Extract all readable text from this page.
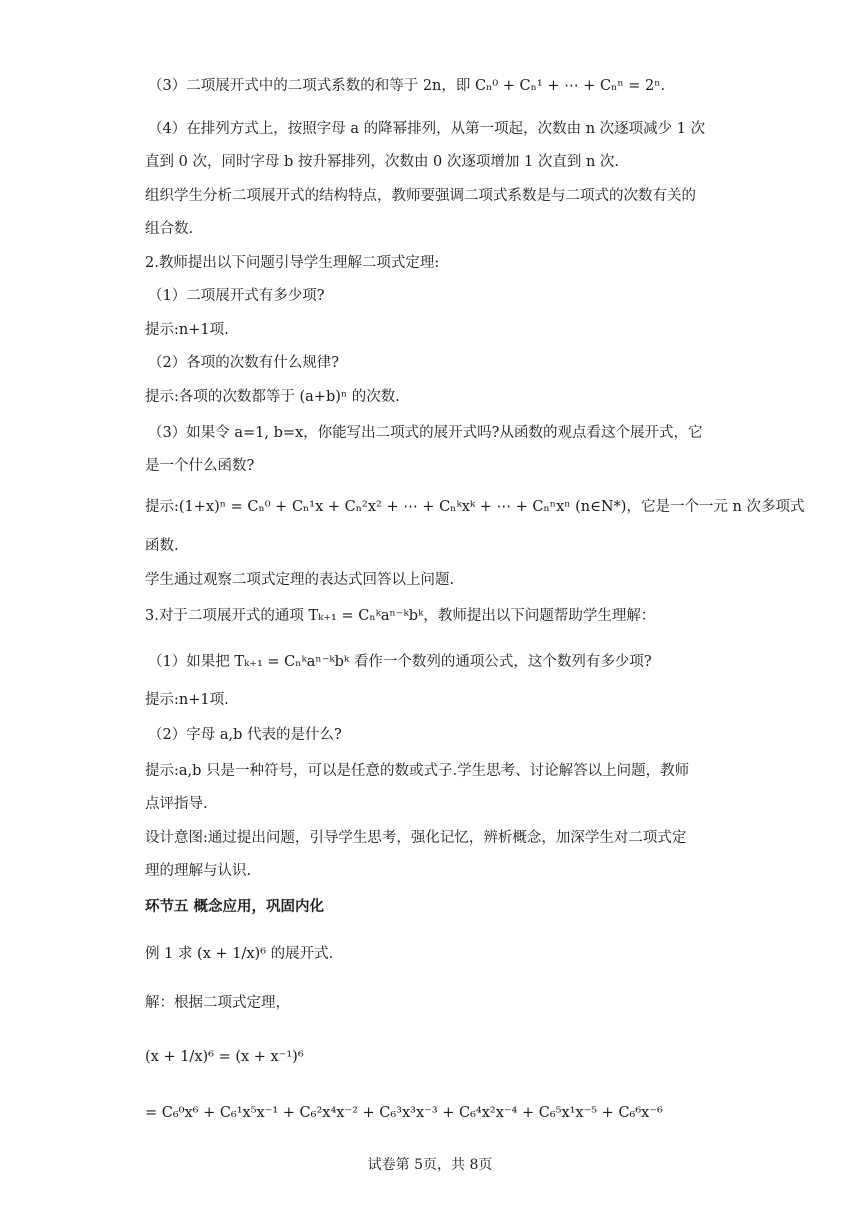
（3）二项展开式中的二项式系数的和等于 2n，即 Cₙ⁰ + Cₙ¹ + ⋯ + Cₙⁿ = 2ⁿ.
（4）在排列方式上，按照字母 a 的降幂排列，从第一项起，次数由 n 次逐项减少 1 次
直到 0 次，同时字母 b 按升幂排列，次数由 0 次逐项增加 1 次直到 n 次.
组织学生分析二项展开式的结构特点，教师要强调二项式系数是与二项式的次数有关的
组合数.
2.教师提出以下问题引导学生理解二项式定理:
（1）二项展开式有多少项?
提示:n+1项.
（2）各项的次数有什么规律?
提示:各项的次数都等于 (a+b)ⁿ 的次数.
（3）如果令 a=1, b=x，你能写出二项式的展开式吗?从函数的观点看这个展开式，它
是一个什么函数?
提示:(1+x)ⁿ = Cₙ⁰ + Cₙ¹x + Cₙ²x² + ⋯ + Cₙᵏxᵏ + ⋯ + Cₙⁿxⁿ (n∈N*)，它是一个一元 n 次多项式
函数.
学生通过观察二项式定理的表达式回答以上问题.
3.对于二项展开式的通项 Tₖ₊₁ = Cₙᵏaⁿ⁻ᵏbᵏ，教师提出以下问题帮助学生理解：
（1）如果把 Tₖ₊₁ = Cₙᵏaⁿ⁻ᵏbᵏ 看作一个数列的通项公式，这个数列有多少项?
提示:n+1项.
（2）字母 a,b 代表的是什么?
提示:a,b 只是一种符号，可以是任意的数或式子.学生思考、讨论解答以上问题，教师
点评指导.
设计意图:通过提出问题，引导学生思考，强化记忆，辨析概念，加深学生对二项式定
理的理解与认识.
环节五 概念应用，巩固内化
例 1 求 (x + 1/x)⁶ 的展开式.
解：根据二项式定理，
(x + 1/x)⁶ = (x + x⁻¹)⁶
= C₆⁰x⁶ + C₆¹x⁵x⁻¹ + C₆²x⁴x⁻² + C₆³x³x⁻³ + C₆⁴x²x⁻⁴ + C₆⁵x¹x⁻⁵ + C₆⁶x⁻⁶
试卷第 5页，共 8页
